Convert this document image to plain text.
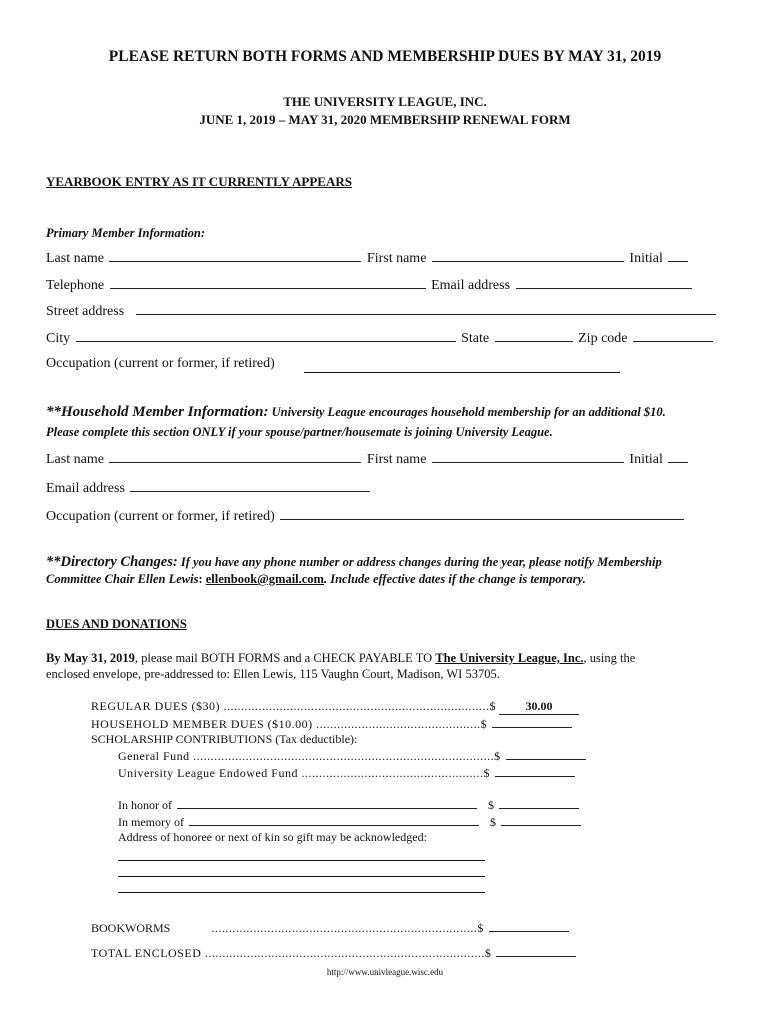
PLEASE RETURN BOTH FORMS AND MEMBERSHIP DUES BY MAY 31, 2019
THE UNIVERSITY LEAGUE, INC.
JUNE 1, 2019 – MAY 31, 2020 MEMBERSHIP RENEWAL FORM
YEARBOOK ENTRY AS IT CURRENTLY APPEARS
Primary Member Information:
Last name	First name	Initial
Telephone	Email address
Street address
City	State	Zip code
Occupation (current or former, if retired)
**Household Member Information: University League encourages household membership for an additional $10.
Please complete this section ONLY if your spouse/partner/housemate is joining University League.
Last name	First name	Initial
Email address
Occupation (current or former, if retired)
**Directory Changes: If you have any phone number or address changes during the year, please notify Membership
Committee Chair Ellen Lewis: ellenbook@gmail.com. Include effective dates if the change is temporary.
DUES AND DONATIONS
By May 31, 2019, please mail BOTH FORMS and a CHECK PAYABLE TO The University League, Inc., using the
enclosed envelope, pre-addressed to: Ellen Lewis, 115 Vaughn Court, Madison, WI 53705.
REGULAR DUES ($30) ............................................................................$ 30.00
HOUSEHOLD MEMBER DUES ($10.00) ...............................................$
SCHOLARSHIP CONTRIBUTIONS (Tax deductible):
General Fund ......................................................................................$
University League Endowed Fund ....................................................$
In honor of	$
In memory of	$
Address of honoree or next of kin so gift may be acknowledged:
BOOKWORMS	............................................................................$
TOTAL ENCLOSED ................................................................................$
http://www.univleague.wisc.edu
